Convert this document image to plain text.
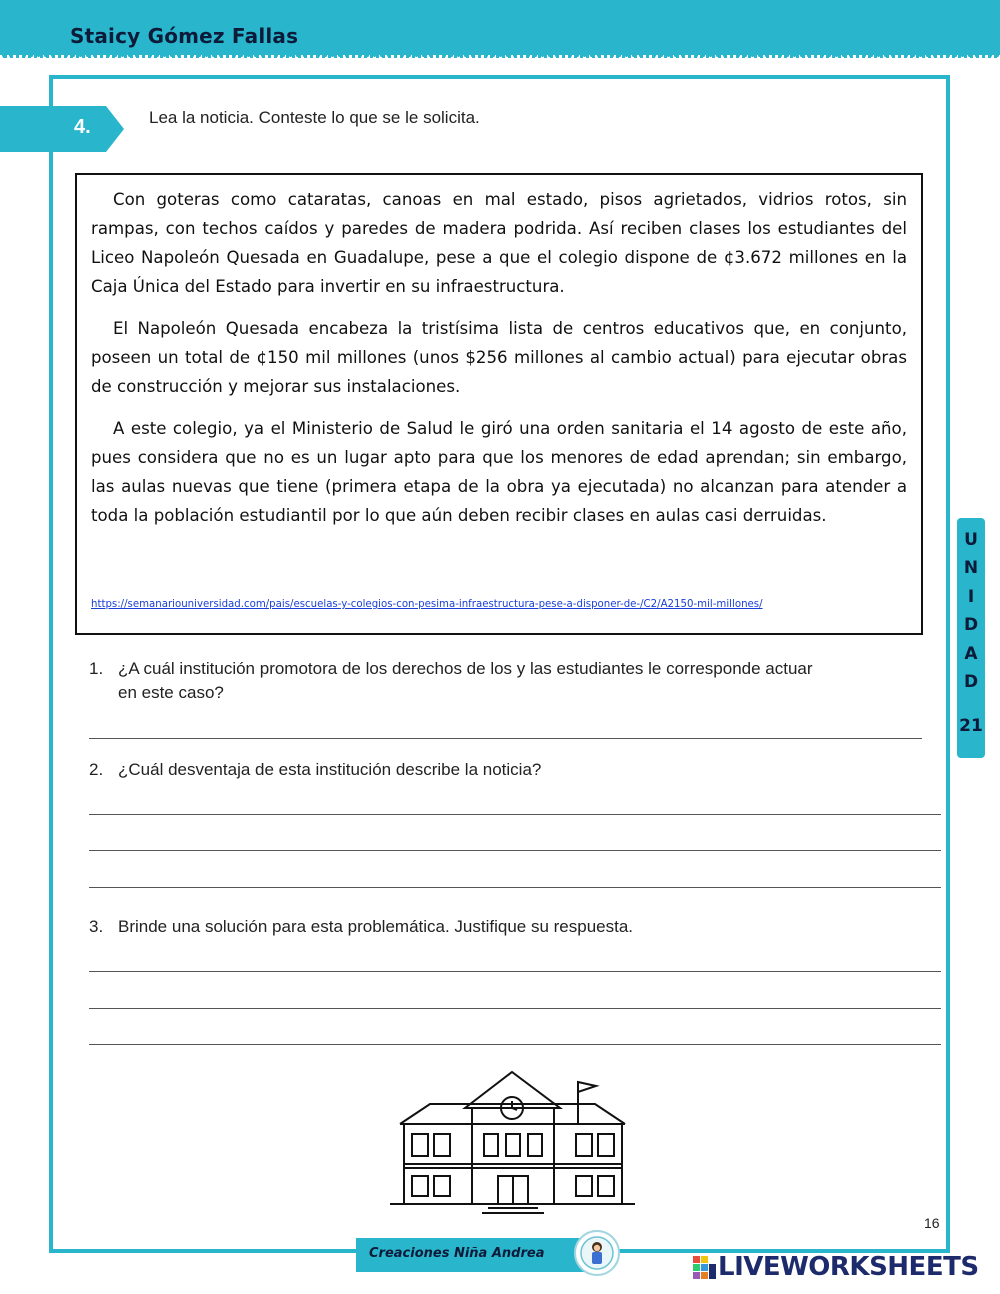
Staicy Gómez Fallas
4.	Lea la noticia. Conteste lo que se le solicita.

Con goteras como cataratas, canoas en mal estado, pisos agrietados, vidrios rotos, sin rampas, con techos caídos y paredes de madera podrida. Así reciben clases los estudiantes del Liceo Napoleón Quesada en Guadalupe, pese a que el colegio dispone de ¢3.672 millones en la Caja Única del Estado para invertir en su infraestructura.

El Napoleón Quesada encabeza la tristísima lista de centros educativos que, en conjunto, poseen un total de ¢150 mil millones (unos $256 millones al cambio actual) para ejecutar obras de construcción y mejorar sus instalaciones.

A este colegio, ya el Ministerio de Salud le giró una orden sanitaria el 14 agosto de este año, pues considera que no es un lugar apto para que los menores de edad aprendan; sin embargo, las aulas nuevas que tiene (primera etapa de la obra ya ejecutada) no alcanzan para atender a toda la población estudiantil por lo que aún deben recibir clases en aulas casi derruidas.

https://semanariouniversidad.com/pais/escuelas-y-colegios-con-pesima-infraestructura-pese-a-disponer-de-/C2/A2150-mil-millones/
1. ¿A cuál institución promotora de los derechos de los y las estudiantes le corresponde actuar
en este caso?
2. ¿Cuál desventaja de esta institución describe la noticia?
3. Brinde una solución para esta problemática. Justifique su respuesta.
U
N
I
D
A
D
21
16
Creaciones Niña Andrea	LIVEWORKSHEETS
